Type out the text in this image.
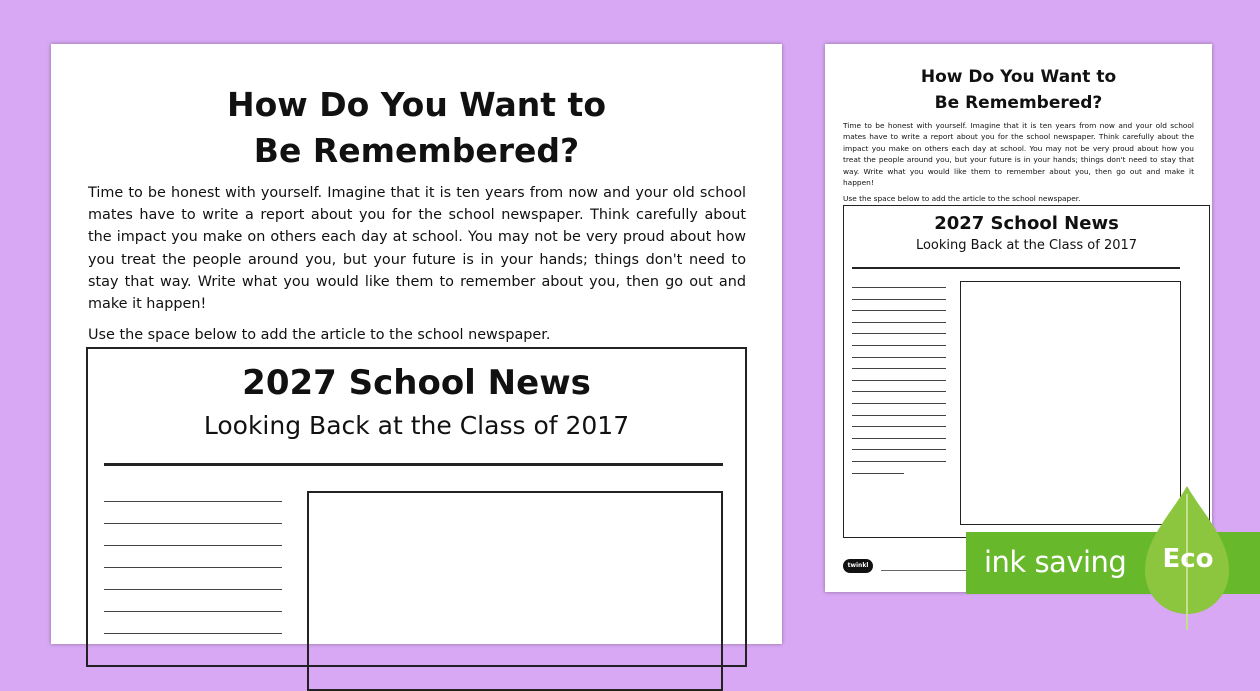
How Do You Want to
Be Remembered?

Time to be honest with yourself. Imagine that it is ten years from now and your old school mates have to write a report about you for the school newspaper. Think carefully about the impact you make on others each day at school. You may not be very proud about how you treat the people around you, but your future is in your hands; things don't need to stay that way. Write what you would like them to remember about you, then go out and make it happen!

Use the space below to add the article to the school newspaper.

2027 School News

Looking Back at the Class of 2017

How Do You Want to
Be Remembered?

Time to be honest with yourself. Imagine that it is ten years from now and your old school mates have to write a report about you for the school newspaper. Think carefully about the impact you make on others each day at school. You may not be very proud about how you treat the people around you, but your future is in your hands; things don't need to stay that way. Write what you would like them to remember about you, then go out and make it happen!

Use the space below to add the article to the school newspaper.

2027 School News

Looking Back at the Class of 2017

twinkl	ink saving Eco
